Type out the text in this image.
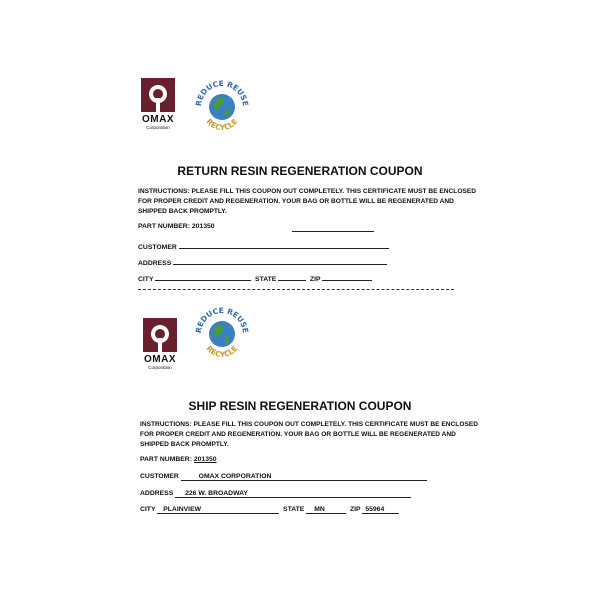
OMAX
Corporation
REDUCE REUSE
RECYCLE
RETURN RESIN REGENERATION COUPON
INSTRUCTIONS: PLEASE FILL THIS COUPON OUT COMPLETELY. THIS CERTIFICATE MUST BE ENCLOSED
FOR PROPER CREDIT AND REGENERATION. YOUR BAG OR BOTTLE WILL BE REGENERATED AND
SHIPPED BACK PROMPTLY.
PART NUMBER: 201350
CUSTOMER
ADDRESS
CITY	STATE	ZIP
OMAX
Corporation
REDUCE REUSE
RECYCLE
SHIP RESIN REGENERATION COUPON
INSTRUCTIONS: PLEASE FILL THIS COUPON OUT COMPLETELY. THIS CERTIFICATE MUST BE ENCLOSED
FOR PROPER CREDIT AND REGENERATION. YOUR BAG OR BOTTLE WILL BE REGENERATED AND
SHIPPED BACK PROMPTLY.
PART NUMBER: 201350
CUSTOMER	OMAX CORPORATION
ADDRESS 226 W. BROADWAY
CITY PLAINVIEW	STATE MN	ZIP 55964
